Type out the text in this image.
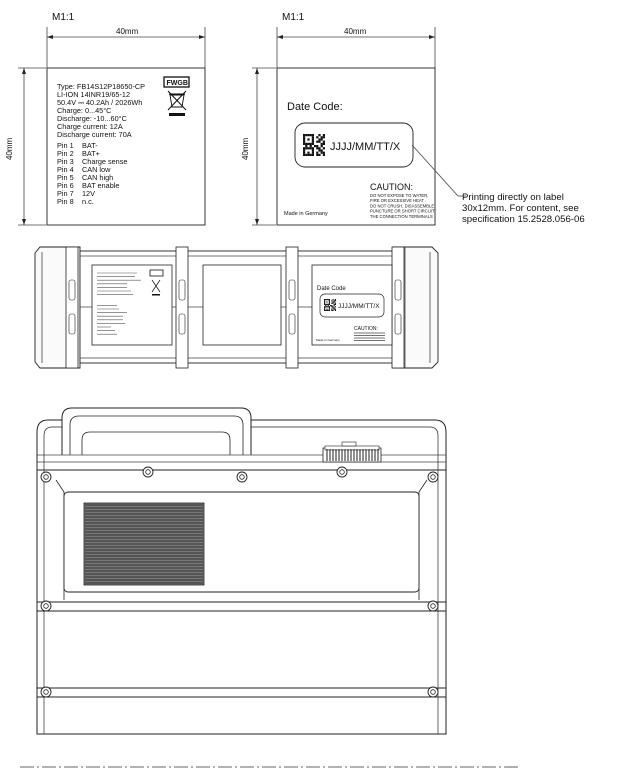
M1:1
40mm
40mm
Type: FB14S12P18650-CP
LI-ION 14INR19/65-12
50.4V ⎓ 40.2Ah / 2026Wh
Charge: 0...45°C
Discharge: -10...60°C
Charge current: 12A
Discharge current: 70A
Pin 1 BAT-
Pin 2 BAT+
Pin 3 Charge sense
Pin 4 CAN low
Pin 5 CAN high
Pin 6 BAT enable
Pin 7 12V
Pin 8 n.c.
FWGB
M1:1
40mm
40mm
Date Code:
JJJJ/MM/TT/X
Made in Germany
CAUTION:
DO NOT EXPOSE TO WATER,
FIRE OR EXCESSIVE HEAT
DO NOT CRUSH, DISASSEMBLE
PUNCTURE OR SHORT CIRCUIT
THE CONNECTION TERMINALS
Printing directly on label
30x12mm. For content, see
specification 15.2528.056-06
Date Code
JJJJ/MM/TT/X
CAUTION:
Made in Germany
